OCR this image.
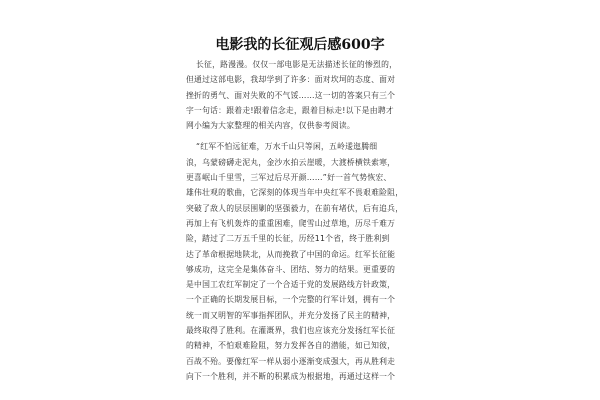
电影我的长征观后感600字
长征，路漫漫。仅仅一部电影是无法描述长征的惨烈的，
但通过这部电影，我却学到了许多：面对坎坷的态度、面对
挫折的勇气、面对失败的不气馁……这一切的答案只有三个
字一句话：跟着走!跟着信念走，跟着目标走!以下是由聘才
网小编为大家整理的相关内容，仅供参考阅读。
“红军不怕远征难，万水千山只等闲，五岭逶迤腾细
浪，乌蒙磅礴走泥丸，金沙水拍云崖暖，大渡桥横铁索寒，
更喜岷山千里雪，三军过后尽开颜……”好一首气势恢宏、
雄伟壮观的歌曲，它深刻的体现当年中央红军不畏艰难险阻，
突破了敌人的层层围剿的坚强毅力，在前有堵伏，后有追兵，
再加上有飞机轰炸的重重困难，爬雪山过草地，历尽千难万
险，踏过了二万五千里的长征，历经11个省，终于胜利到
达了革命根据地陕北，从而挽救了中国的命运。红军长征能
够成功，这完全是集体奋斗、团结、努力的结果。更重要的
是中国工农红军制定了一个合适于党的发展路线方针政策，
一个正确的长期发展目标，一个完整的行军计划，拥有一个
统一而又明智的军事指挥团队，并充分发扬了民主的精神，
最终取得了胜利。在灌溉界，我们也应该充分发扬红军长征
的精神，不怕艰难险阻，努力发挥各自的潜能，如已知彼，
百战不殆。要像红军一样从弱小逐渐变成强大，再从胜利走
向下一个胜利，并不断的积累成为根据地，再通过这样一个
